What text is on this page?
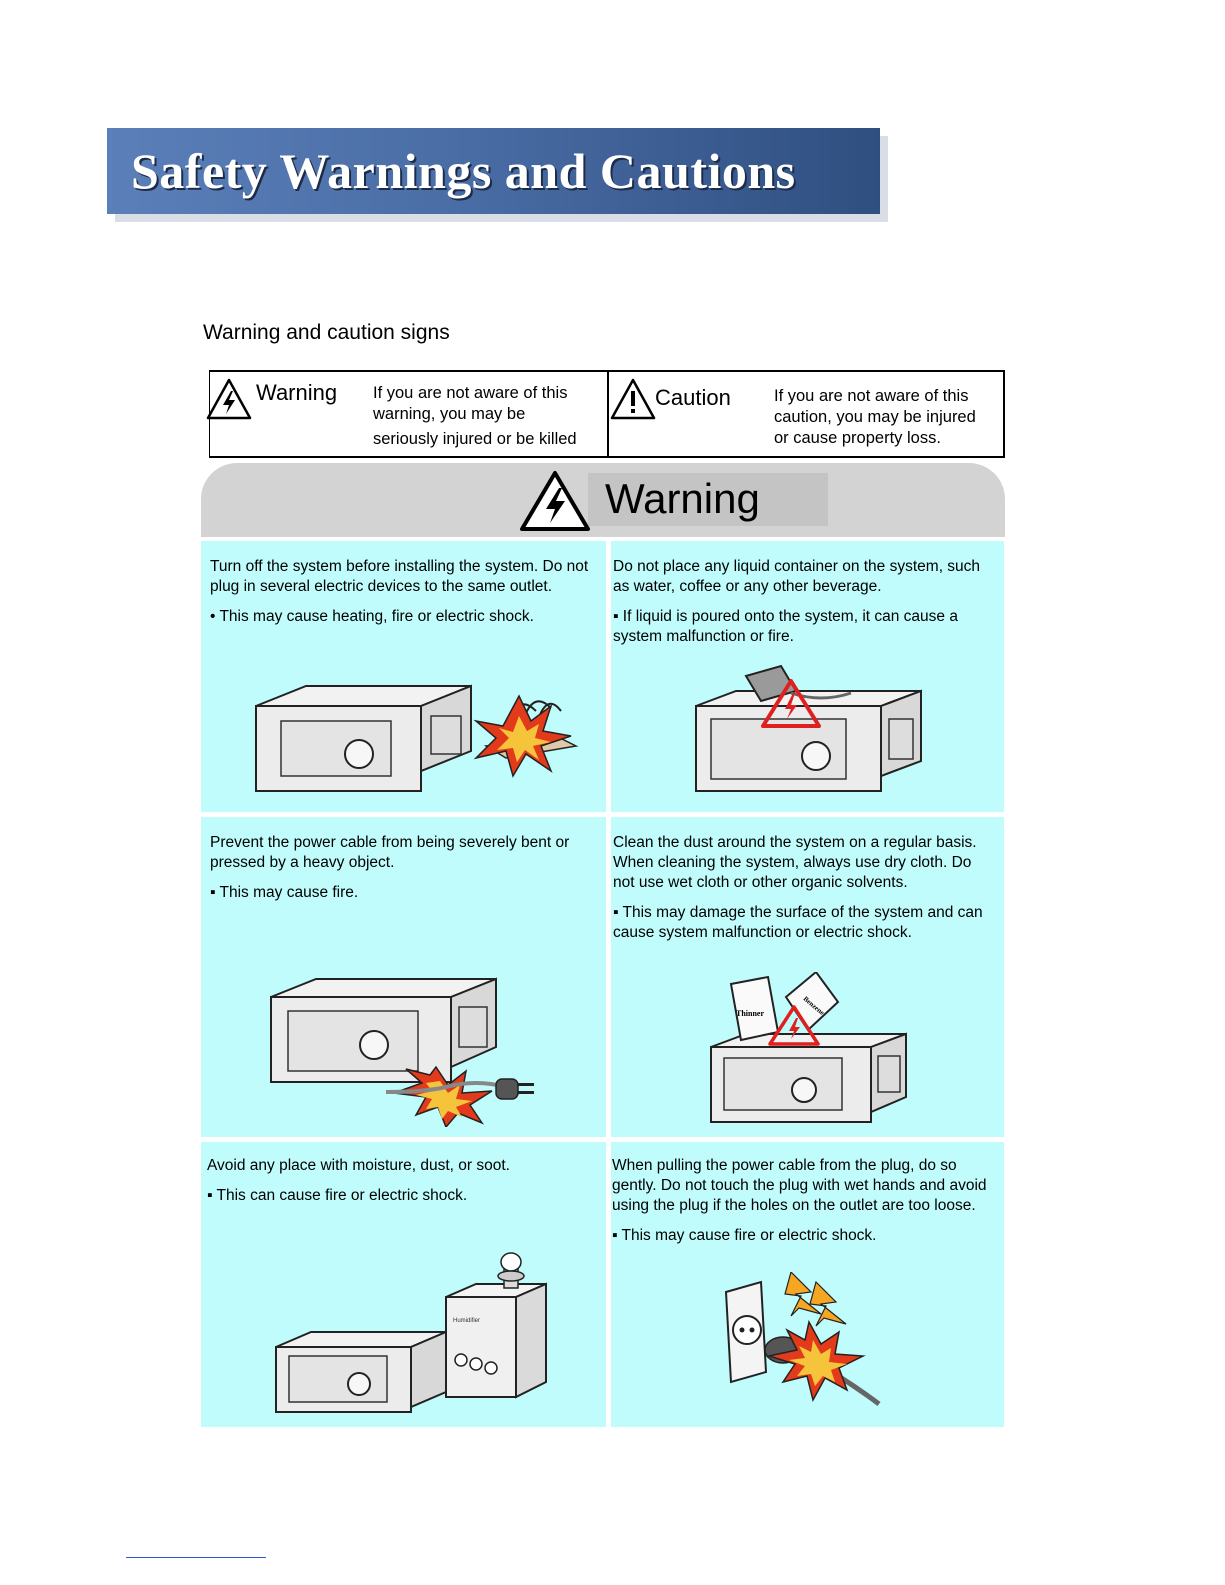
Safety Warnings and Cautions
Warning and caution signs
Warning If you are not aware of this
warning, you may be
seriously injured or be killed
Caution	If you are not aware of this
caution, you may be injured
or cause property loss.
Warning

Turn off the system before installing the system. Do not plug in several electric devices to the same outlet.

• This may cause heating, fire or electric shock.

Do not place any liquid container on the system, such as water, coffee or any other beverage.

▪ If liquid is poured onto the system, it can cause a system malfunction or fire.

Prevent the power cable from being severely bent or pressed by a heavy object.

▪ This may cause fire.

Clean the dust around the system on a regular basis. When cleaning the system, always use dry cloth. Do not use wet cloth or other organic solvents.

▪ This may damage the surface of the system and can cause system malfunction or electric shock.

Thinner	Benzene

Avoid any place with moisture, dust, or soot.

▪ This can cause fire or electric shock.

Humidifier

When pulling the power cable from the plug, do so gently. Do not touch the plug with wet hands and avoid using the plug if the holes on the outlet are too loose.

▪ This may cause fire or electric shock.
